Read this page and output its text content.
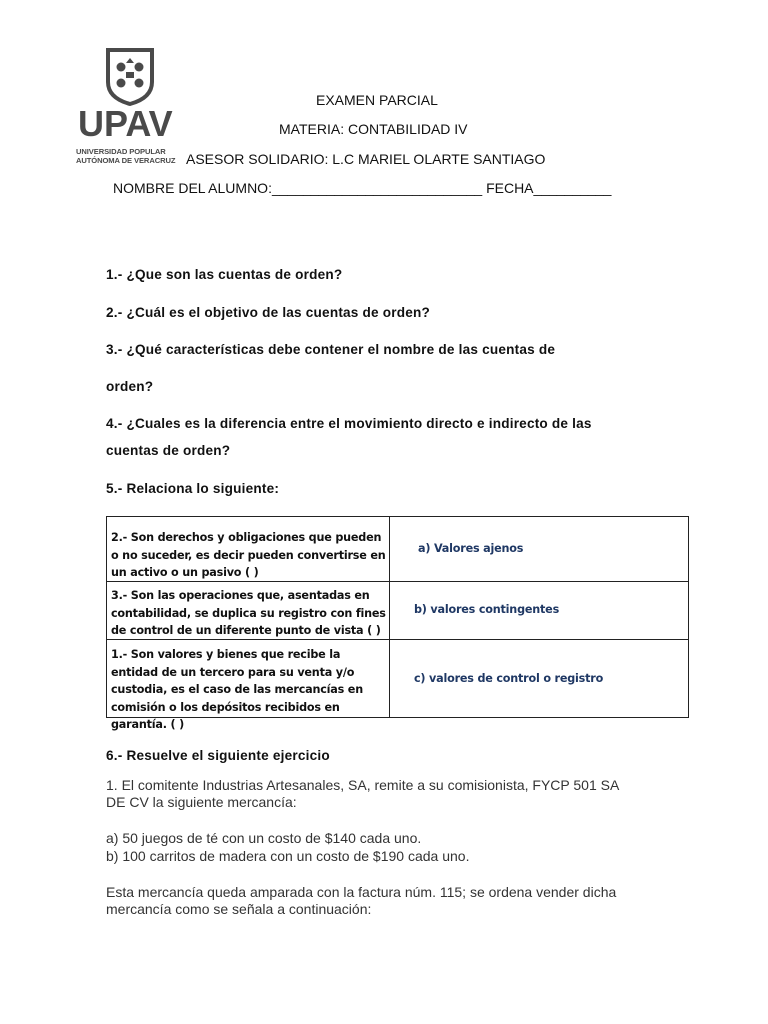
UPAV
UNIVERSIDAD POPULAR
AUTÓNOMA DE VERACRUZ
EXAMEN PARCIAL
MATERIA: CONTABILIDAD IV
ASESOR SOLIDARIO: L.C MARIEL OLARTE SANTIAGO
NOMBRE DEL ALUMNO:___________________________ FECHA__________
1.- ¿Que son las cuentas de orden?
2.- ¿Cuál es el objetivo de las cuentas de orden?
3.- ¿Qué características debe contener el nombre de las cuentas de
orden?
4.- ¿Cuales es la diferencia entre el movimiento directo e indirecto de las
cuentas de orden?
5.- Relaciona lo siguiente:
2.- Son derechos y obligaciones que pueden o no suceder, es decir pueden convertirse en un activo o un pasivo ( )
a) Valores ajenos
3.- Son las operaciones que, asentadas en contabilidad, se duplica su registro con fines de control de un diferente punto de vista ( )
b) valores contingentes
1.- Son valores y bienes que recibe la entidad de un tercero para su venta y/o custodia, es el caso de las mercancías en comisión o los depósitos recibidos en garantía. ( )
c) valores de control o registro
6.- Resuelve el siguiente ejercicio
1. El comitente Industrias Artesanales, SA, remite a su comisionista, FYCP 501 SA
DE CV la siguiente mercancía:
a) 50 juegos de té con un costo de $140 cada uno.
b) 100 carritos de madera con un costo de $190 cada uno.
Esta mercancía queda amparada con la factura núm. 115; se ordena vender dicha
mercancía como se señala a continuación:
